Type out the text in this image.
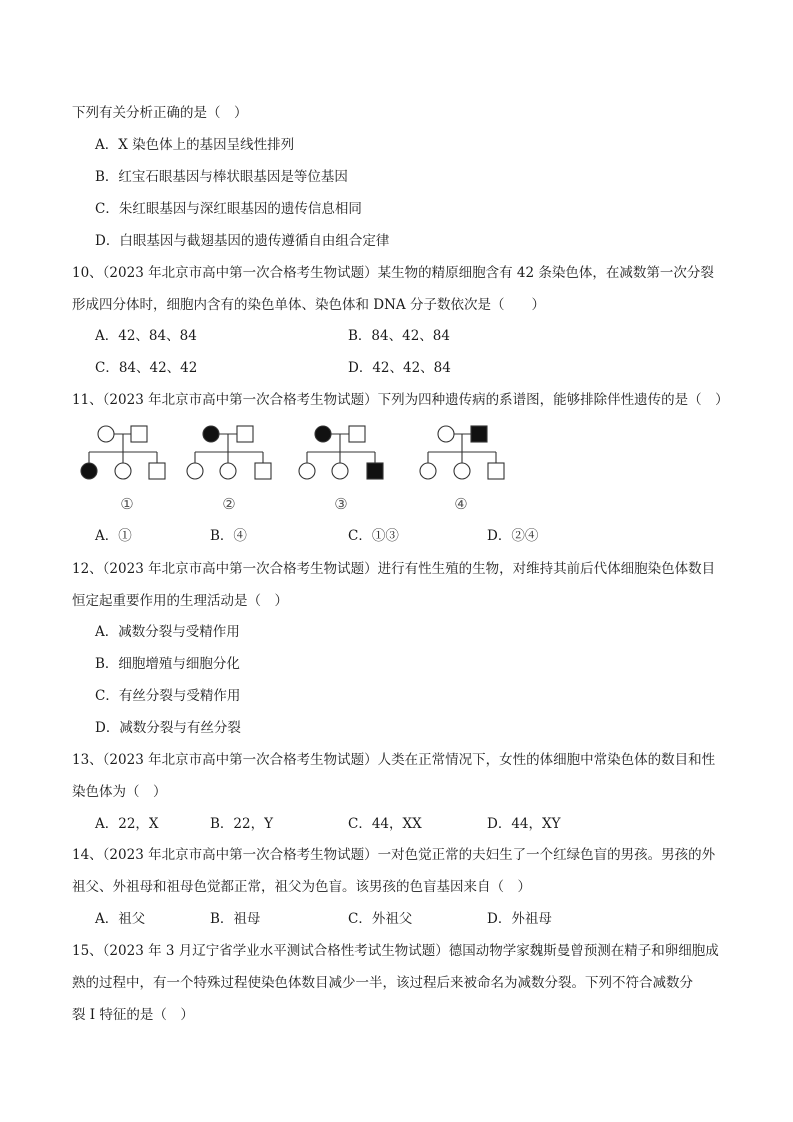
下列有关分析正确的是（　）
A．X 染色体上的基因呈线性排列
B．红宝石眼基因与棒状眼基因是等位基因
C．朱红眼基因与深红眼基因的遗传信息相同
D．白眼基因与截翅基因的遗传遵循自由组合定律
10、（2023 年北京市高中第一次合格考生物试题）某生物的精原细胞含有 42 条染色体，在减数第一次分裂
形成四分体时，细胞内含有的染色单体、染色体和 DNA 分子数依次是（　　）
A．42、84、84	B．84、42、84
C．84、42、42	D．42、42、84
11、（2023 年北京市高中第一次合格考生物试题）下列为四种遗传病的系谱图，能够排除伴性遗传的是（　）
①	②	③	④
A．①	B．④	C．①③	D．②④
12、（2023 年北京市高中第一次合格考生物试题）进行有性生殖的生物，对维持其前后代体细胞染色体数目
恒定起重要作用的生理活动是（　）
A．减数分裂与受精作用
B．细胞增殖与细胞分化
C．有丝分裂与受精作用
D．减数分裂与有丝分裂
13、（2023 年北京市高中第一次合格考生物试题）人类在正常情况下，女性的体细胞中常染色体的数目和性
染色体为（　）
A．22，X	B．22，Y	C．44，XX	D．44，XY
14、（2023 年北京市高中第一次合格考生物试题）一对色觉正常的夫妇生了一个红绿色盲的男孩。男孩的外
祖父、外祖母和祖母色觉都正常，祖父为色盲。该男孩的色盲基因来自（　）
A．祖父	B．祖母	C．外祖父	D．外祖母
15、（2023 年 3 月辽宁省学业水平测试合格性考试生物试题）德国动物学家魏斯曼曾预测在精子和卵细胞成
熟的过程中，有一个特殊过程使染色体数目减少一半，该过程后来被命名为减数分裂。下列不符合减数分
裂 I 特征的是（　）
